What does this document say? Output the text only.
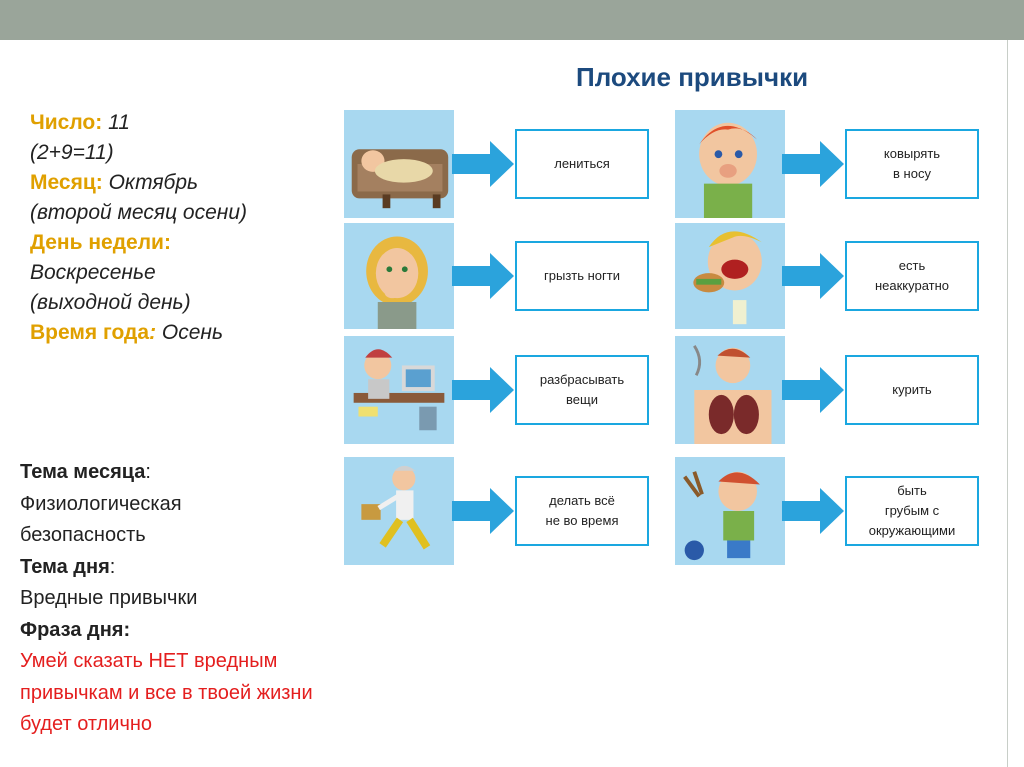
Число: 11
(2+9=11)
Месяц: Октябрь
(второй месяц осени)
День недели:
Воскресенье
(выходной день)
Время года: Осень
Тема месяца:
Физиологическая безопасность
Тема дня:
Вредные привычки
Фраза дня:
Умей сказать НЕТ вредным привычкам и все в твоей жизни будет отлично
Плохие привычки
лениться
ковырять
в носу
грызть ногти
есть
неаккуратно
разбрасывать
вещи
курить
делать всё
не во время
быть
грубым с
окружающими
